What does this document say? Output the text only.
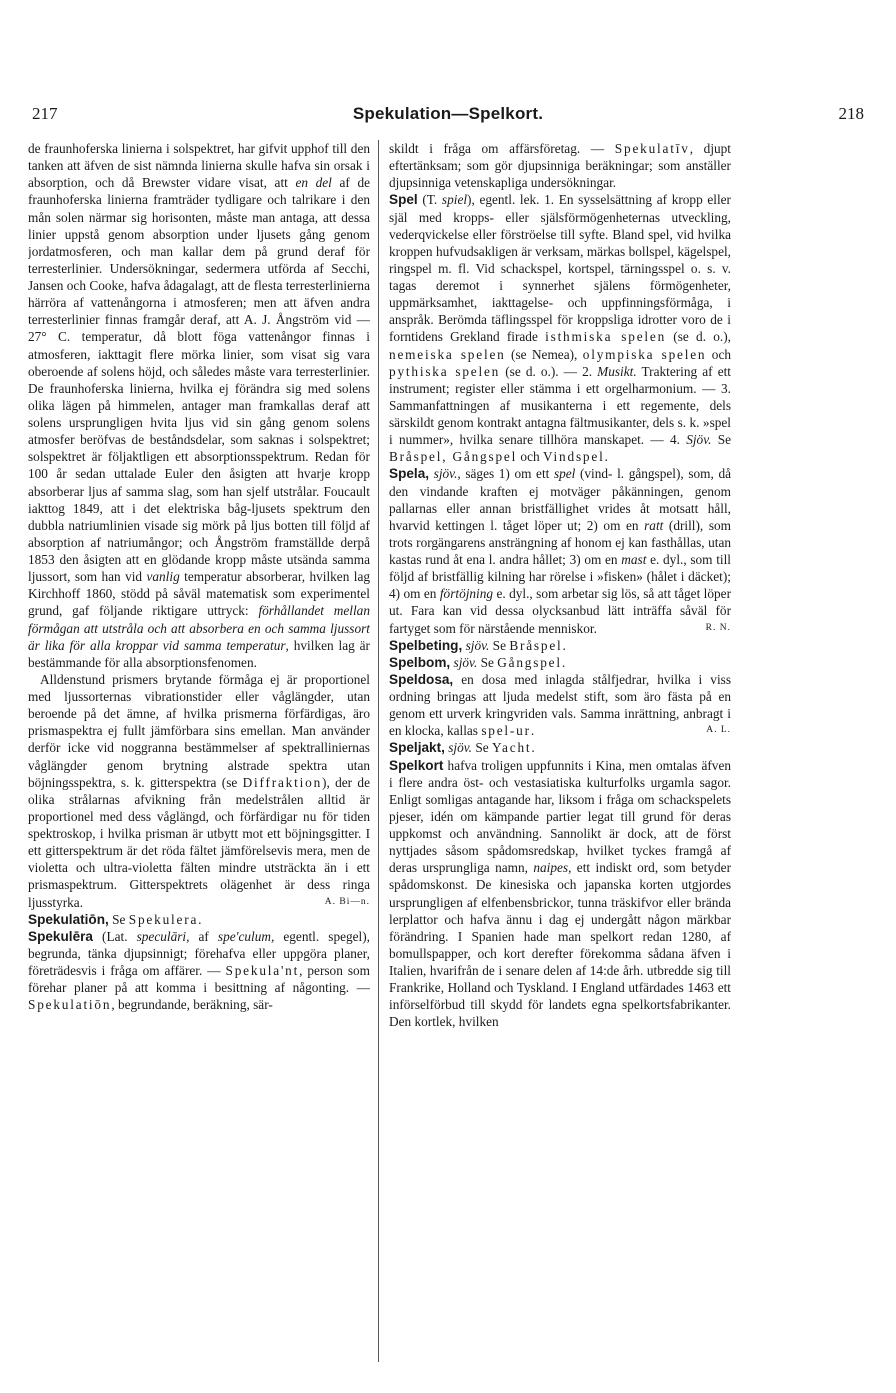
217	Spekulation—Spelkort.	218

de fraunhoferska linierna i solspektret, har gifvit upphof till den tanken att äfven de sist nämnda linierna skulle hafva sin orsak i absorption, och då Brewster vidare visat, att en del af de fraunhoferska linierna framträder tydligare och talrikare i den mån solen närmar sig horisonten, måste man antaga, att dessa linier uppstå genom absorption under ljusets gång genom jordatmosferen, och man kallar dem på grund deraf för terresterlinier. Undersökningar, sedermera utförda af Secchi, Jansen och Cooke, hafva ådagalagt, att de flesta terresterlinierna härröra af vattenångorna i atmosferen; men att äfven andra terresterlinier finnas framgår deraf, att A. J. Ångström vid — 27° C. temperatur, då blott föga vattenångor finnas i atmosferen, iakttagit flere mörka linier, som visat sig vara oberoende af solens höjd, och således måste vara terresterlinier. De fraunhoferska linierna, hvilka ej förändra sig med solens olika lägen på himmelen, antager man framkallas deraf att solens ursprungligen hvita ljus vid sin gång genom solens atmosfer beröfvas de beståndsdelar, som saknas i solspektret; solspektret är följaktligen ett absorptionsspektrum. Redan för 100 år sedan uttalade Euler den åsigten att hvarje kropp absorberar ljus af samma slag, som han sjelf utstrålar. Foucault iakttog 1849, att i det elektriska båg-ljusets spektrum den dubbla natriumlinien visade sig mörk på ljus botten till följd af absorption af natriumångor; och Ångström framställde derpå 1853 den åsigten att en glödande kropp måste utsända samma ljussort, som han vid vanlig temperatur absorberar, hvilken lag Kirchhoff 1860, stödd på såväl matematisk som experimentel grund, gaf följande riktigare uttryck: förhållandet mellan förmågan att utstråla och att absorbera en och samma ljussort är lika för alla kroppar vid samma temperatur, hvilken lag är bestämmande för alla absorptionsfenomen.

Alldenstund prismers brytande förmåga ej är proportionel med ljussorternas vibrationstider eller våglängder, utan beroende på det ämne, af hvilka prismerna förfärdigas, äro prismaspektra ej fullt jämförbara sins emellan. Man använder derför icke vid noggranna bestämmelser af spektralliniernas våglängder genom brytning alstrade spektra utan böjningsspektra, s. k. gitterspektra (se Diffraktion), der de olika strålarnas afvikning från medelstrålen alltid är proportionel med dess våglängd, och förfärdigar nu för tiden spektroskop, i hvilka prisman är utbytt mot ett böjningsgitter. I ett gitterspektrum är det röda fältet jämförelsevis mera, men de violetta och ultra-violetta fälten mindre utsträckta än i ett prismaspektrum. Gitterspektrets olägenhet är dess ringa ljusstyrka.	A. Bi—n.

Spekulatiōn, Se Spekulera.

Spekulēra (Lat. speculāri, af spe'culum, egentl. spegel), begrunda, tänka djupsinnigt; förehafva eller uppgöra planer, företrädesvis i fråga om affärer. — Spekula'nt, person som förehar planer på att komma i besittning af någonting. — Spekulatiōn, begrundande, beräkning, sär-

skildt i fråga om affärsföretag. — Spekulatīv, djupt eftertänksam; som gör djupsinniga beräkningar; som anställer djupsinniga vetenskapliga undersökningar.

Spel (T. spiel), egentl. lek. 1. En sysselsättning af kropp eller själ med kropps- eller själsförmögenheternas utveckling, vederqvickelse eller förströelse till syfte. Bland spel, vid hvilka kroppen hufvudsakligen är verksam, märkas bollspel, kägelspel, ringspel m. fl. Vid schackspel, kortspel, tärningsspel o. s. v. tagas deremot i synnerhet själens förmögenheter, uppmärksamhet, iakttagelse- och uppfinningsförmåga, i anspråk. Berömda täflingsspel för kroppsliga idrotter voro de i forntidens Grekland firade isthmiska spelen (se d. o.), nemeiska spelen (se Nemea), olympiska spelen och pythiska spelen (se d. o.). — 2. Musikt. Traktering af ett instrument; register eller stämma i ett orgelharmonium. — 3. Sammanfattningen af musikanterna i ett regemente, dels särskildt genom kontrakt antagna fältmusikanter, dels s. k. »spel i nummer», hvilka senare tillhöra manskapet. — 4. Sjöv. Se Bråspel, Gångspel och Vindspel.

Spela, sjöv., säges 1) om ett spel (vind- l. gångspel), som, då den vindande kraften ej motväger påkänningen, genom pallarnas eller annan bristfällighet vrides åt motsatt håll, hvarvid kettingen l. tåget löper ut; 2) om en ratt (drill), som trots rorgängarens ansträngning af honom ej kan fasthållas, utan kastas rund åt ena l. andra hållet; 3) om en mast e. dyl., som till följd af bristfällig kilning har rörelse i »fisken» (hålet i däcket); 4) om en förtöjning e. dyl., som arbetar sig lös, så att tåget löper ut. Fara kan vid dessa olycksanbud lätt inträffa såväl för fartyget som för närstående menniskor.	R. N.

Spelbeting, sjöv. Se Bråspel.

Spelbom, sjöv. Se Gångspel.

Speldosa, en dosa med inlagda stålfjedrar, hvilka i viss ordning bringas att ljuda medelst stift, som äro fästa på en genom ett urverk kringvriden vals. Samma inrättning, anbragt i en klocka, kallas spel-ur.	A. L.

Speljakt, sjöv. Se Yacht.

Spelkort hafva troligen uppfunnits i Kina, men omtalas äfven i flere andra öst- och vestasiatiska kulturfolks urgamla sagor. Enligt somligas antagande har, liksom i fråga om schackspelets pjeser, idén om kämpande partier legat till grund för deras uppkomst och användning. Sannolikt är dock, att de först nyttjades såsom spådomsredskap, hvilket tyckes framgå af deras ursprungliga namn, naipes, ett indiskt ord, som betyder spådomskonst. De kinesiska och japanska korten utgjordes ursprungligen af elfenbensbrickor, tunna träskifvor eller brända lerplattor och hafva ännu i dag ej undergått någon märkbar förändring. I Spanien hade man spelkort redan 1280, af bomullspapper, och kort derefter förekomma sådana äfven i Italien, hvarifrån de i senare delen af 14:de årh. utbredde sig till Frankrike, Holland och Tyskland. I England utfärdades 1463 ett införselförbud till skydd för landets egna spelkortsfabrikanter. Den kortlek, hvilken
